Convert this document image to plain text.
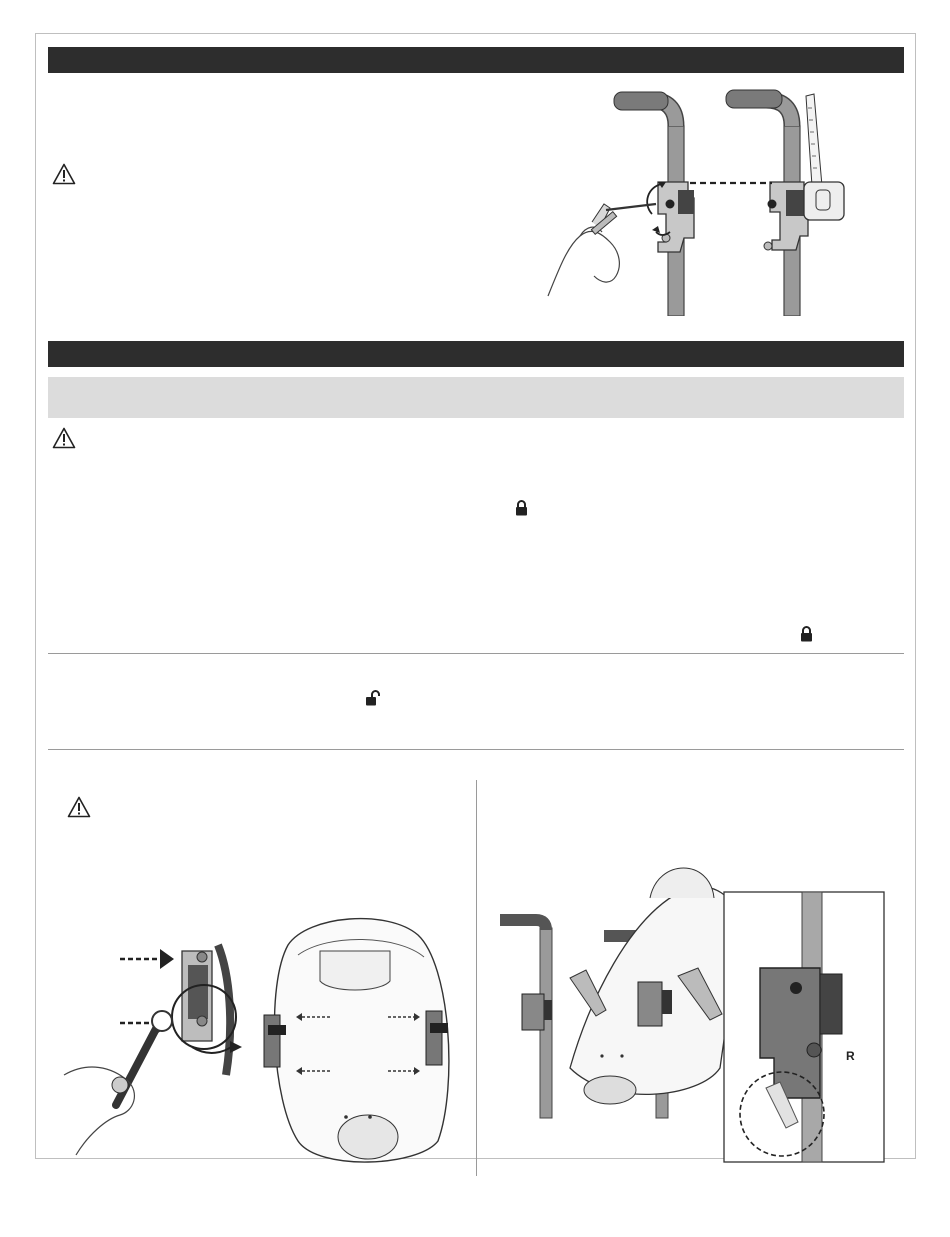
R
